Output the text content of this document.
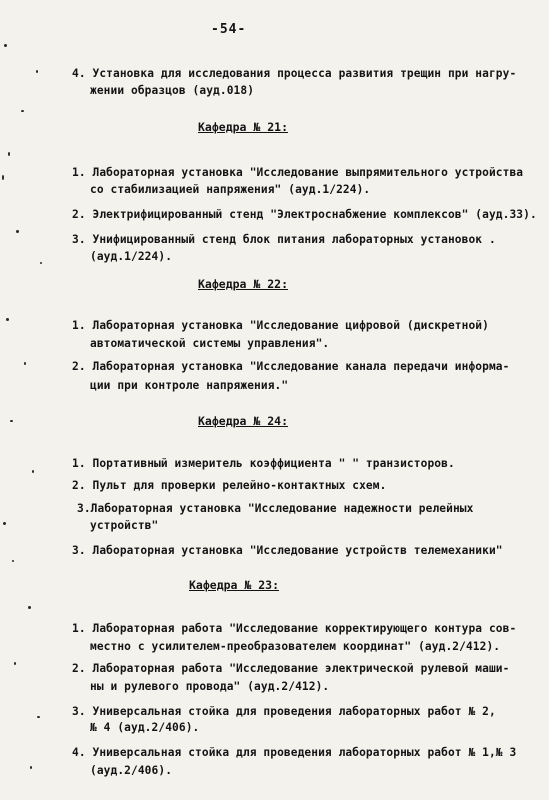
-54-
4. Установка для исследования процесса развития трещин при нагру-
жении образцов (ауд.018)
Кафедра № 21:
1. Лабораторная установка "Исследование выпрямительного устройства
со стабилизацией напряжения" (ауд.1/224).
2. Электрифицированный стенд "Электроснабжение комплексов" (ауд.33).
3. Унифицированный стенд блок питания лабораторных установок .
(ауд.1/224).
Кафедра № 22:
1. Лабораторная установка "Исследование цифровой (дискретной)
автоматической системы управления".
2. Лабораторная установка "Исследование канала передачи информа-
ции при контроле напряжения."
Кафедра № 24:
1. Портативный измеритель коэффициента " " транзисторов.
2. Пульт для проверки релейно-контактных схем.
3.Лабораторная установка "Исследование надежности релейных
устройств"
3. Лабораторная установка "Исследование устройств телемеханики"
Кафедра № 23:
1. Лабораторная работа "Исследование корректирующего контура сов-
местно с усилителем-преобразователем координат" (ауд.2/412).
2. Лабораторная работа "Исследование электрической рулевой маши-
ны и рулевого провода" (ауд.2/412).
3. Универсальная стойка для проведения лабораторных работ № 2,
№ 4 (ауд.2/406).
4. Универсальная стойка для проведения лабораторных работ № 1,№ 3
(ауд.2/406).
